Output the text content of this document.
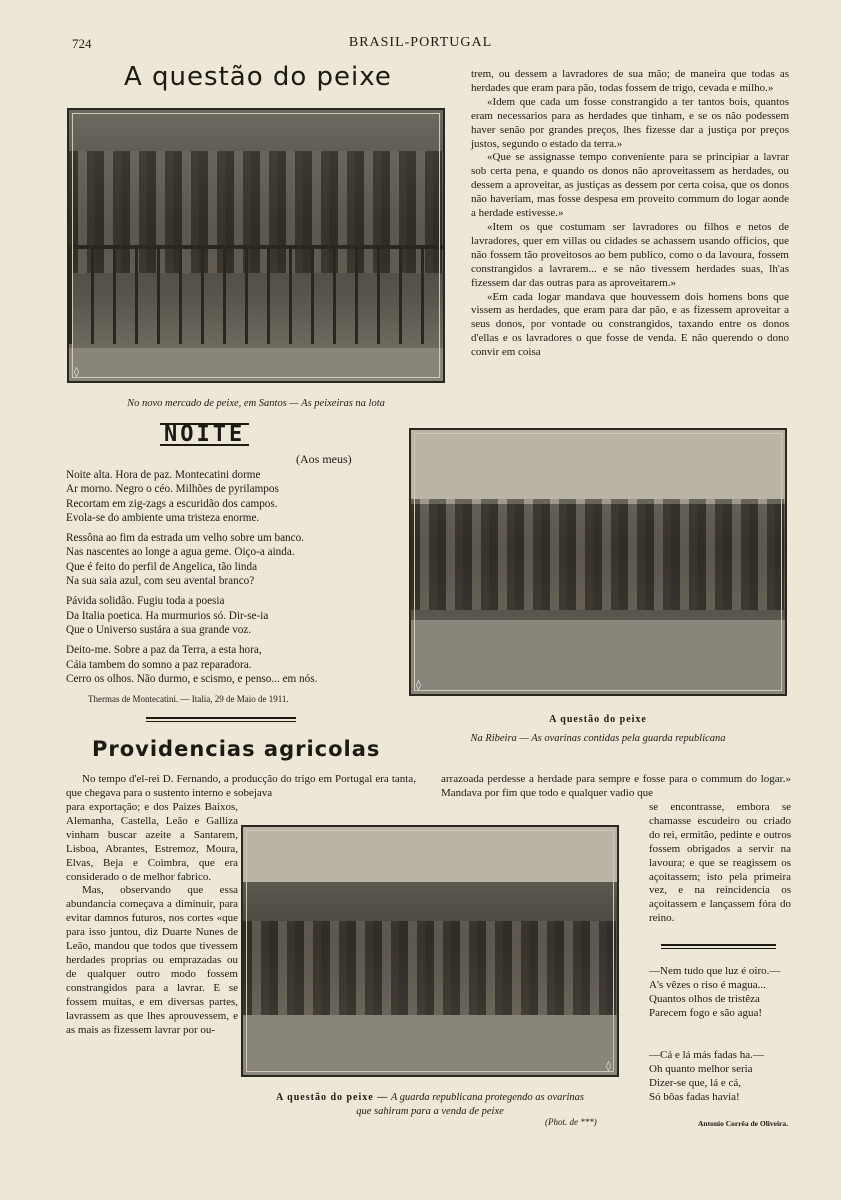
724	BRASIL-PORTUGAL
A questão do peixe
◊
No novo mercado de peixe, em Santos — As peixeiras na lota

trem, ou dessem a lavradores de sua mão; de maneira que todas as herdades que eram para pão, todas fossem de trigo, cevada e milho.»

«Idem que cada um fosse constrangido a ter tantos bois, quantos eram necessarios para as herdades que tinham, e se os não podessem haver senão por grandes preços, lhes fizesse dar a justiça por preços justos, segundo o estado da terra.»

«Que se assignasse tempo conveniente para se principiar a lavrar sob certa pena, e quando os donos não aproveitassem as herdades, ou dessem a aproveitar, as justiças as dessem por certa coisa, que os donos não haveriam, mas fosse despesa em proveito commum do logar aonde a herdade estivesse.»

«Item os que costumam ser lavradores ou filhos e netos de lavradores, quer em villas ou cidades se achassem usando officios, que não fossem tão proveitosos ao bem publico, como o da lavoura, fossem constrangidos a lavrarem... e se não tivessem herdades suas, lh'as fizessem dar das outras para as aproveitarem.»

«Em cada logar mandava que houvessem dois homens bons que vissem as herdades, que eram para dar pão, e as fizessem aproveitar a seus donos, por vontade ou constrangidos, taxando entre os donos d'ellas e os lavradores o que fosse de venda. E não querendo o dono convir em coisa

NOITE
(Aos meus)
Noite alta. Hora de paz. Montecatini dorme
Ar morno. Negro o céo. Milhões de pyrilampos
Recortam em zig-zags a escuridão dos campos.
Evola-se do ambiente uma tristeza enorme.
Ressôna ao fim da estrada um velho sobre um banco.
Nas nascentes ao longe a agua geme. Oiço-a ainda.
Que é feito do perfil de Angelica, tão linda
Na sua saia azul, com seu avental branco?
Pávida solidão. Fugiu toda a poesia
Da Italia poetica. Ha murmurios só. Dir-se-ia
Que o Universo sustára a sua grande voz.
Deito-me. Sobre a paz da Terra, a esta hora,
Cáia tambem do somno a paz reparadora.
Cerro os olhos. Não durmo, e scismo, e penso... em nós.
Thermas de Montecatini. — Italia, 29 de Maio de 1911.
◊
A questão do peixe
Na Ribeira — As ovarinas contidas pela guarda republicana
Providencias agricolas

No tempo d'el-rei D. Fernando, a producção do trigo em Portugal era tanta, que chegava para o sustento interno e sobejava

para exportação; e dos Paizes Baixos, Alemanha, Castella, Leão e Galliza vinham buscar azeite a Santarem, Lisboa, Abrantes, Estremoz, Moura, Elvas, Beja e Coimbra, que era considerado o de melhor fabrico.

Mas, observando que essa abundancia começava a diminuir, para evitar damnos futuros, nos cortes «que para isso juntou, diz Duarte Nunes de Leão, mandou que todos que tivessem herdades proprias ou emprazadas ou de qualquer outro modo fossem constrangidos para a lavrar. E se fossem muitas, e em diversas partes, lavrassem as que lhes aprouvessem, e as mais as fizessem lavrar por ou-

arrazoada perdesse a herdade para sempre e fosse para o commum do logar.» Mandava por fim que todo e qualquer vadio que

se encontrasse, embora se chamasse escudeiro ou criado do rei, ermitão, pedinte e outros fossem obrigados a servir na lavoura; e que se reagissem os açoitassem; isto pela primeira vez, e na reincidencia os açoitassem e lançassem fóra do reino.

◊
A questão do peixe — A guarda republicana protegendo as ovarinas
que sahiram para a venda de peixe
(Phot. de ***)
—Nem tudo que luz é oiro.—
A's vêzes o riso é magua...
Quantos olhos de tristêza
Parecem fogo e são agua!
—Cá e lá más fadas ha.—
Oh quanto melhor seria
Dizer-se que, lá e cá,
Só bôas fadas havia!
Antonio Corrêa de Oliveira.
